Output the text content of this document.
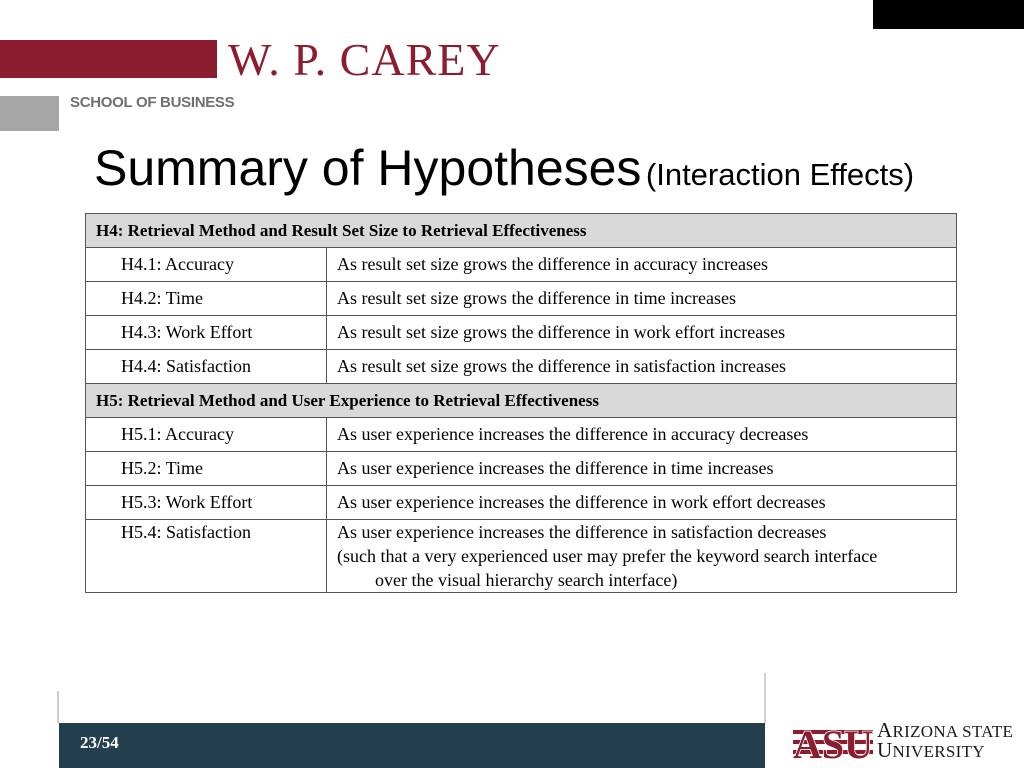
W. P. CAREY
SCHOOL OF BUSINESS
Summary of Hypotheses (Interaction Effects)
H4: Retrieval Method and Result Set Size to Retrieval Effectiveness	
H4.1: Accuracy	As result set size grows the difference in accuracy increases
H4.2: Time	As result set size grows the difference in time increases
H4.3: Work Effort	As result set size grows the difference in work effort increases
H4.4: Satisfaction	As result set size grows the difference in satisfaction increases
H5: Retrieval Method and User Experience to Retrieval Effectiveness	
H5.1: Accuracy	As user experience increases the difference in accuracy decreases
H5.2: Time	As user experience increases the difference in time increases
H5.3: Work Effort	As user experience increases the difference in work effort decreases
H5.4: Satisfaction	As user experience increases the difference in satisfaction decreases
(such that a very experienced user may prefer the keyword search interface
over the visual hierarchy search interface)
23/54	ASU ARIZONA STATE
UNIVERSITY
